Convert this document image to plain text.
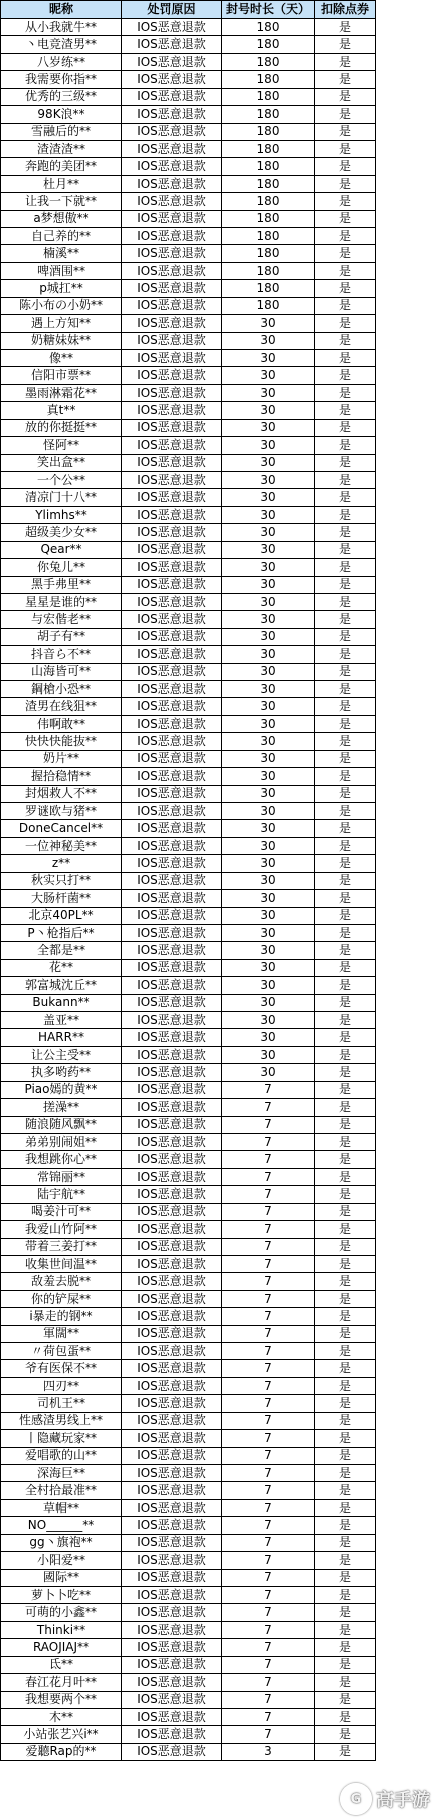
昵称	处罚原因	封号时长（天）	扣除点券
从小我就牛**	IOS恶意退款	180	是
丶电竞渣男**	IOS恶意退款	180	是
八岁练**	IOS恶意退款	180	是
我需要你指**	IOS恶意退款	180	是
优秀的三级**	IOS恶意退款	180	是
98K浪**	IOS恶意退款	180	是
雪融后的**	IOS恶意退款	180	是
渣渣渣**	IOS恶意退款	180	是
奔跑的美团**	IOS恶意退款	180	是
杜月**	IOS恶意退款	180	是
让我一下就**	IOS恶意退款	180	是
a梦想傲**	IOS恶意退款	180	是
自己养的**	IOS恶意退款	180	是
楠溪**	IOS恶意退款	180	是
啤酒围**	IOS恶意退款	180	是
p城扛**	IOS恶意退款	180	是
陈小布の小奶**	IOS恶意退款	180	是
遇上方知**	IOS恶意退款	30	是
奶糖妹妹**	IOS恶意退款	30	是
像**	IOS恶意退款	30	是
信阳市票**	IOS恶意退款	30	是
墨雨淋霜花**	IOS恶意退款	30	是
真t**	IOS恶意退款	30	是
放的你挺挺**	IOS恶意退款	30	是
怪阿**	IOS恶意退款	30	是
笑出盒**	IOS恶意退款	30	是
一个公**	IOS恶意退款	30	是
清凉门十八**	IOS恶意退款	30	是
Ylimhs**	IOS恶意退款	30	是
超级美少女**	IOS恶意退款	30	是
Qear**	IOS恶意退款	30	是
你兔儿**	IOS恶意退款	30	是
黑手弗里**	IOS恶意退款	30	是
星星是谁的**	IOS恶意退款	30	是
与宏偕老**	IOS恶意退款	30	是
胡子有**	IOS恶意退款	30	是
抖音ら不**	IOS恶意退款	30	是
山海皆可**	IOS恶意退款	30	是
鋼槍小恐**	IOS恶意退款	30	是
渣男在线狙**	IOS恶意退款	30	是
伟啊敢**	IOS恶意退款	30	是
快快快能抜**	IOS恶意退款	30	是
奶片**	IOS恶意退款	30	是
握拾稳情**	IOS恶意退款	30	是
封烟救人不**	IOS恶意退款	30	是
罗谜欧与猪**	IOS恶意退款	30	是
DoneCancel**	IOS恶意退款	30	是
一位神秘美**	IOS恶意退款	30	是
z**	IOS恶意退款	30	是
秋实只打**	IOS恶意退款	30	是
大肠杆菌**	IOS恶意退款	30	是
北京40PL**	IOS恶意退款	30	是
P丶枪指后**	IOS恶意退款	30	是
全都是**	IOS恶意退款	30	是
花**	IOS恶意退款	30	是
郭富城沈丘**	IOS恶意退款	30	是
Bukann**	IOS恶意退款	30	是
盖亚**	IOS恶意退款	30	是
HARR**	IOS恶意退款	30	是
让公主受**	IOS恶意退款	30	是
执多哟药**	IOS恶意退款	30	是
Piao嫣的黄**	IOS恶意退款	7	是
搓澡**	IOS恶意退款	7	是
随浪随风飘**	IOS恶意退款	7	是
弟弟别闹姐**	IOS恶意退款	7	是
我想跳你心**	IOS恶意退款	7	是
常锦丽**	IOS恶意退款	7	是
陆宇航**	IOS恶意退款	7	是
喝姜汁可**	IOS恶意退款	7	是
我爱山竹阿**	IOS恶意退款	7	是
带着三姜打**	IOS恶意退款	7	是
收集世间温**	IOS恶意退款	7	是
敌羞去脱**	IOS恶意退款	7	是
你的铲屎**	IOS恶意退款	7	是
i暴走的钢**	IOS恶意退款	7	是
軍闊**	IOS恶意退款	7	是
〃荷包蛋**	IOS恶意退款	7	是
爷有医保不**	IOS恶意退款	7	是
四刃**	IOS恶意退款	7	是
司机王**	IOS恶意退款	7	是
性感渣男线上**	IOS恶意退款	7	是
丨隐藏玩家**	IOS恶意退款	7	是
爱唱歌的山**	IOS恶意退款	7	是
深海巨**	IOS恶意退款	7	是
全村拾最准**	IOS恶意退款	7	是
草帽**	IOS恶意退款	7	是
NO______**	IOS恶意退款	7	是
gg丶旗袍**	IOS恶意退款	7	是
小阳爱**	IOS恶意退款	7	是
國际**	IOS恶意退款	7	是
萝卜卜吃**	IOS恶意退款	7	是
可萌的小鑫**	IOS恶意退款	7	是
Thinki**	IOS恶意退款	7	是
RAOJIAJ**	IOS恶意退款	7	是
氐**	IOS恶意退款	7	是
春江花月叶**	IOS恶意退款	7	是
我想要两个**	IOS恶意退款	7	是
木**	IOS恶意退款	7	是
小站张艺兴i**	IOS恶意退款	7	是
爱聽Rap的**	IOS恶意退款	3	是
G 高手游
